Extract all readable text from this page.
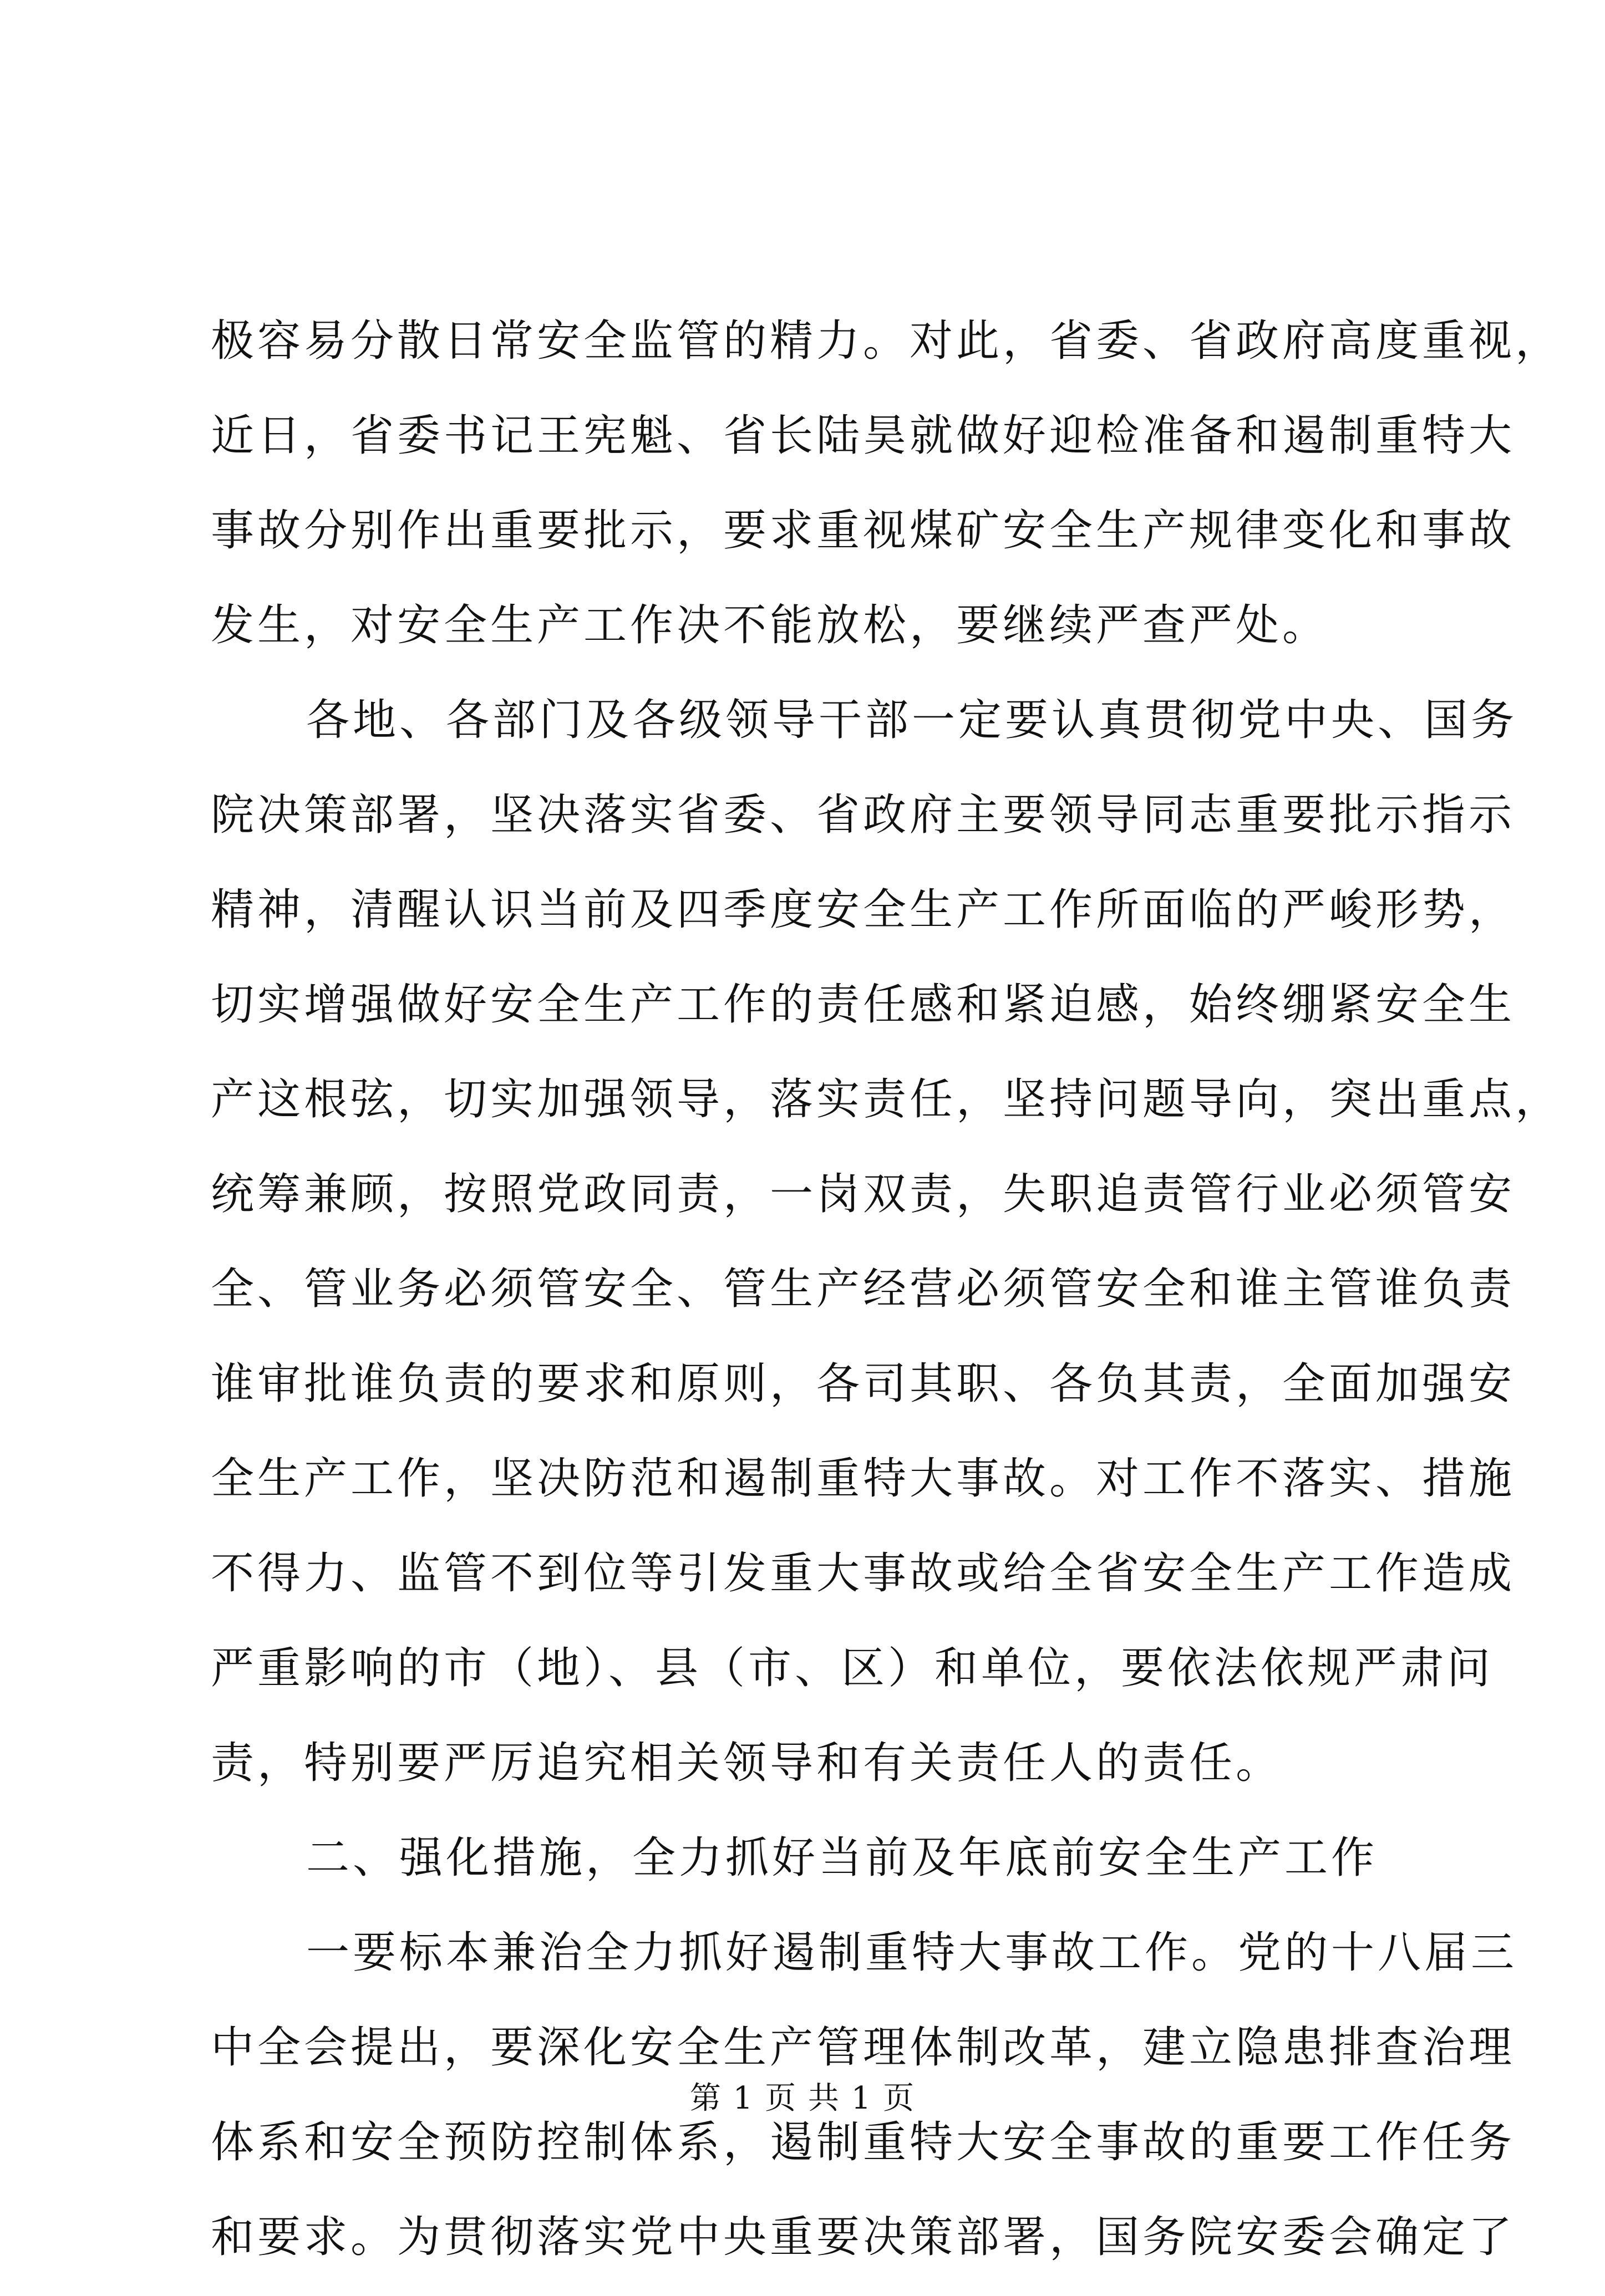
极容易分散日常安全监管的精力。对此，省委、省政府高度重视，
近日，省委书记王宪魁、省长陆昊就做好迎检准备和遏制重特大
事故分别作出重要批示，要求重视煤矿安全生产规律变化和事故
发生，对安全生产工作决不能放松，要继续严查严处。
各地、各部门及各级领导干部一定要认真贯彻党中央、国务
院决策部署，坚决落实省委、省政府主要领导同志重要批示指示
精神，清醒认识当前及四季度安全生产工作所面临的严峻形势，
切实增强做好安全生产工作的责任感和紧迫感，始终绷紧安全生
产这根弦，切实加强领导，落实责任，坚持问题导向，突出重点，
统筹兼顾，按照党政同责，一岗双责，失职追责管行业必须管安
全、管业务必须管安全、管生产经营必须管安全和谁主管谁负责
谁审批谁负责的要求和原则，各司其职、各负其责，全面加强安
全生产工作，坚决防范和遏制重特大事故。对工作不落实、措施
不得力、监管不到位等引发重大事故或给全省安全生产工作造成
严重影响的市（地）、县（市、区）和单位，要依法依规严肃问
责，特别要严厉追究相关领导和有关责任人的责任。
二、强化措施，全力抓好当前及年底前安全生产工作
一要标本兼治全力抓好遏制重特大事故工作。党的十八届三
中全会提出，要深化安全生产管理体制改革，建立隐患排查治理
体系和安全预防控制体系，遏制重特大安全事故的重要工作任务
和要求。为贯彻落实党中央重要决策部署，国务院安委会确定了
第 1 页 共 1 页
